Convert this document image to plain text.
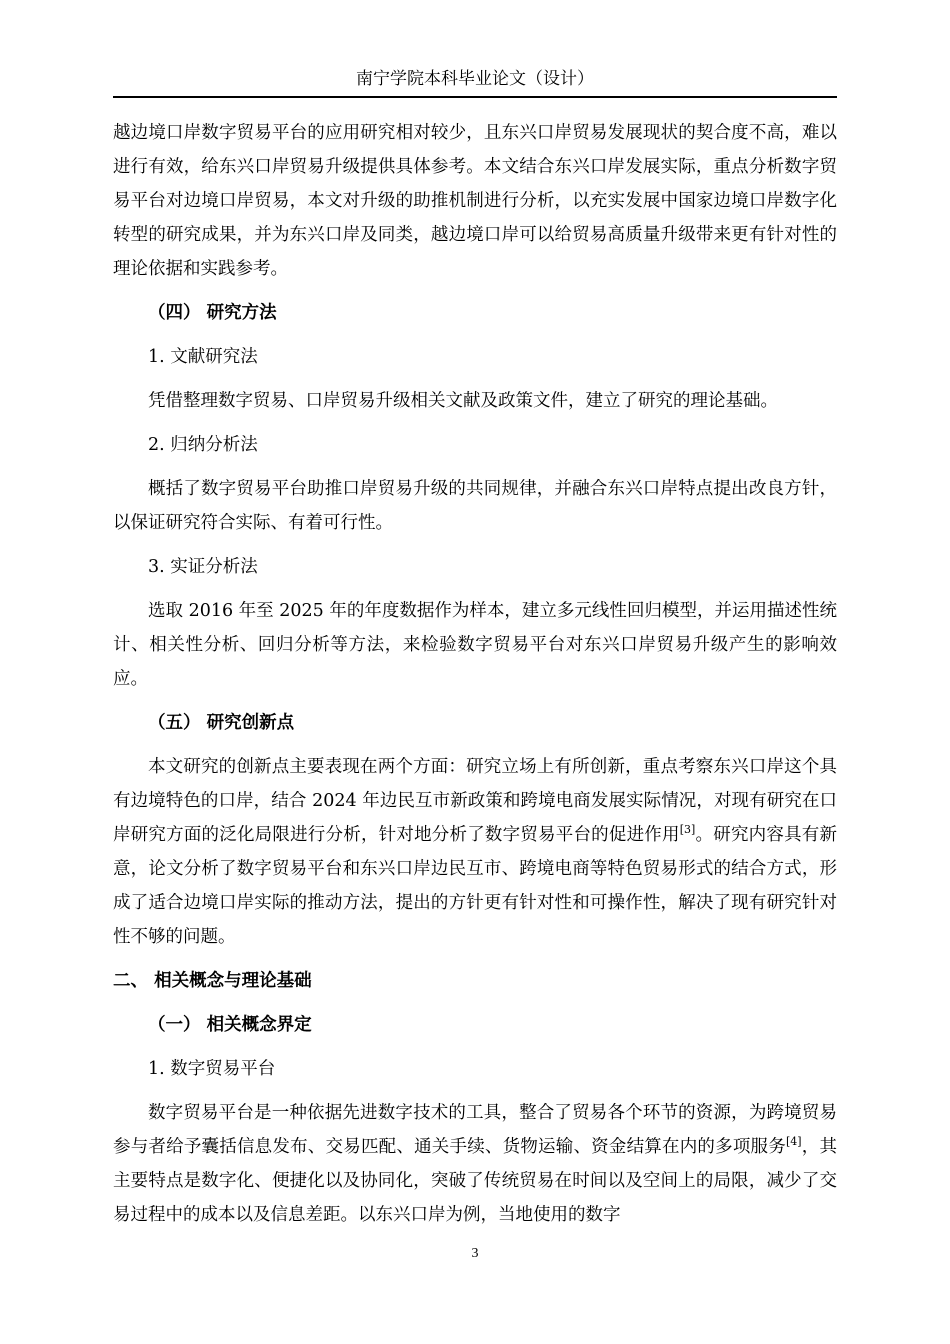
南宁学院本科毕业论文（设计）

越边境口岸数字贸易平台的应用研究相对较少，且东兴口岸贸易发展现状的契合度不高，难以进行有效，给东兴口岸贸易升级提供具体参考。本文结合东兴口岸发展实际，重点分析数字贸易平台对边境口岸贸易，本文对升级的助推机制进行分析，以充实发展中国家边境口岸数字化转型的研究成果，并为东兴口岸及同类，越边境口岸可以给贸易高质量升级带来更有针对性的理论依据和实践参考。

（四） 研究方法

1. 文献研究法

凭借整理数字贸易、口岸贸易升级相关文献及政策文件，建立了研究的理论基础。

2. 归纳分析法

概括了数字贸易平台助推口岸贸易升级的共同规律，并融合东兴口岸特点提出改良方针，以保证研究符合实际、有着可行性。

3. 实证分析法

选取 2016 年至 2025 年的年度数据作为样本，建立多元线性回归模型，并运用描述性统计、相关性分析、回归分析等方法，来检验数字贸易平台对东兴口岸贸易升级产生的影响效应。

（五） 研究创新点

本文研究的创新点主要表现在两个方面：研究立场上有所创新，重点考察东兴口岸这个具有边境特色的口岸，结合 2024 年边民互市新政策和跨境电商发展实际情况，对现有研究在口岸研究方面的泛化局限进行分析，针对地分析了数字贸易平台的促进作用[3]。研究内容具有新意，论文分析了数字贸易平台和东兴口岸边民互市、跨境电商等特色贸易形式的结合方式，形成了适合边境口岸实际的推动方法，提出的方针更有针对性和可操作性，解决了现有研究针对性不够的问题。

二、 相关概念与理论基础

（一） 相关概念界定

1. 数字贸易平台

数字贸易平台是一种依据先进数字技术的工具，整合了贸易各个环节的资源，为跨境贸易参与者给予囊括信息发布、交易匹配、通关手续、货物运输、资金结算在内的多项服务[4]，其主要特点是数字化、便捷化以及协同化，突破了传统贸易在时间以及空间上的局限，减少了交易过程中的成本以及信息差距。以东兴口岸为例，当地使用的数字

3
